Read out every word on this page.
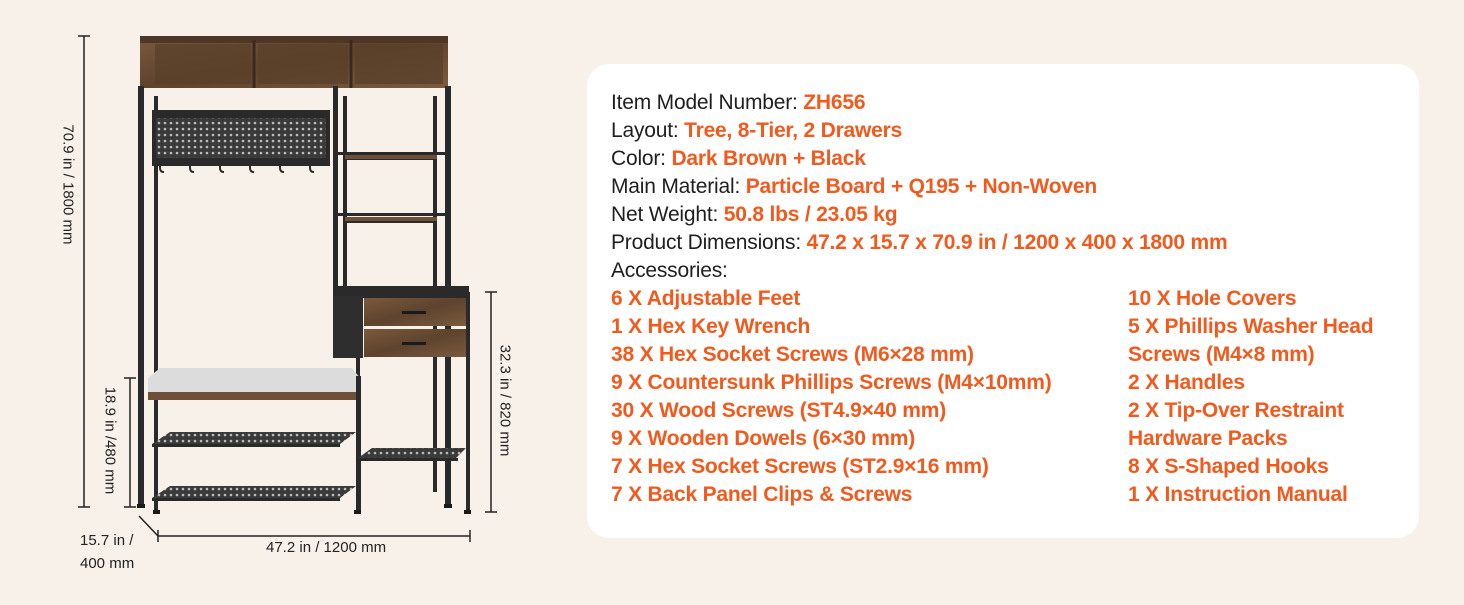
70.9 in / 1800 mm
18.9 in /480 mm	32.3 in / 820 mm
15.7 in /
400 mm
47.2 in / 1200 mm
Item Model Number: ZH656
Layout: Tree, 8-Tier, 2 Drawers
Color: Dark Brown + Black
Main Material: Particle Board + Q195 + Non-Woven
Net Weight: 50.8 lbs / 23.05 kg
Product Dimensions: 47.2 x 15.7 x 70.9 in / 1200 x 400 x 1800 mm
Accessories:
6 X Adjustable Feet
1 X Hex Key Wrench
38 X Hex Socket Screws (M6×28 mm)
9 X Countersunk Phillips Screws (M4×10mm)
30 X Wood Screws (ST4.9×40 mm)
9 X Wooden Dowels (6×30 mm)
7 X Hex Socket Screws (ST2.9×16 mm)
7 X Back Panel Clips & Screws
10 X Hole Covers
5 X Phillips Washer Head
Screws (M4×8 mm)
2 X Handles
2 X Tip-Over Restraint
Hardware Packs
8 X S-Shaped Hooks
1 X Instruction Manual
